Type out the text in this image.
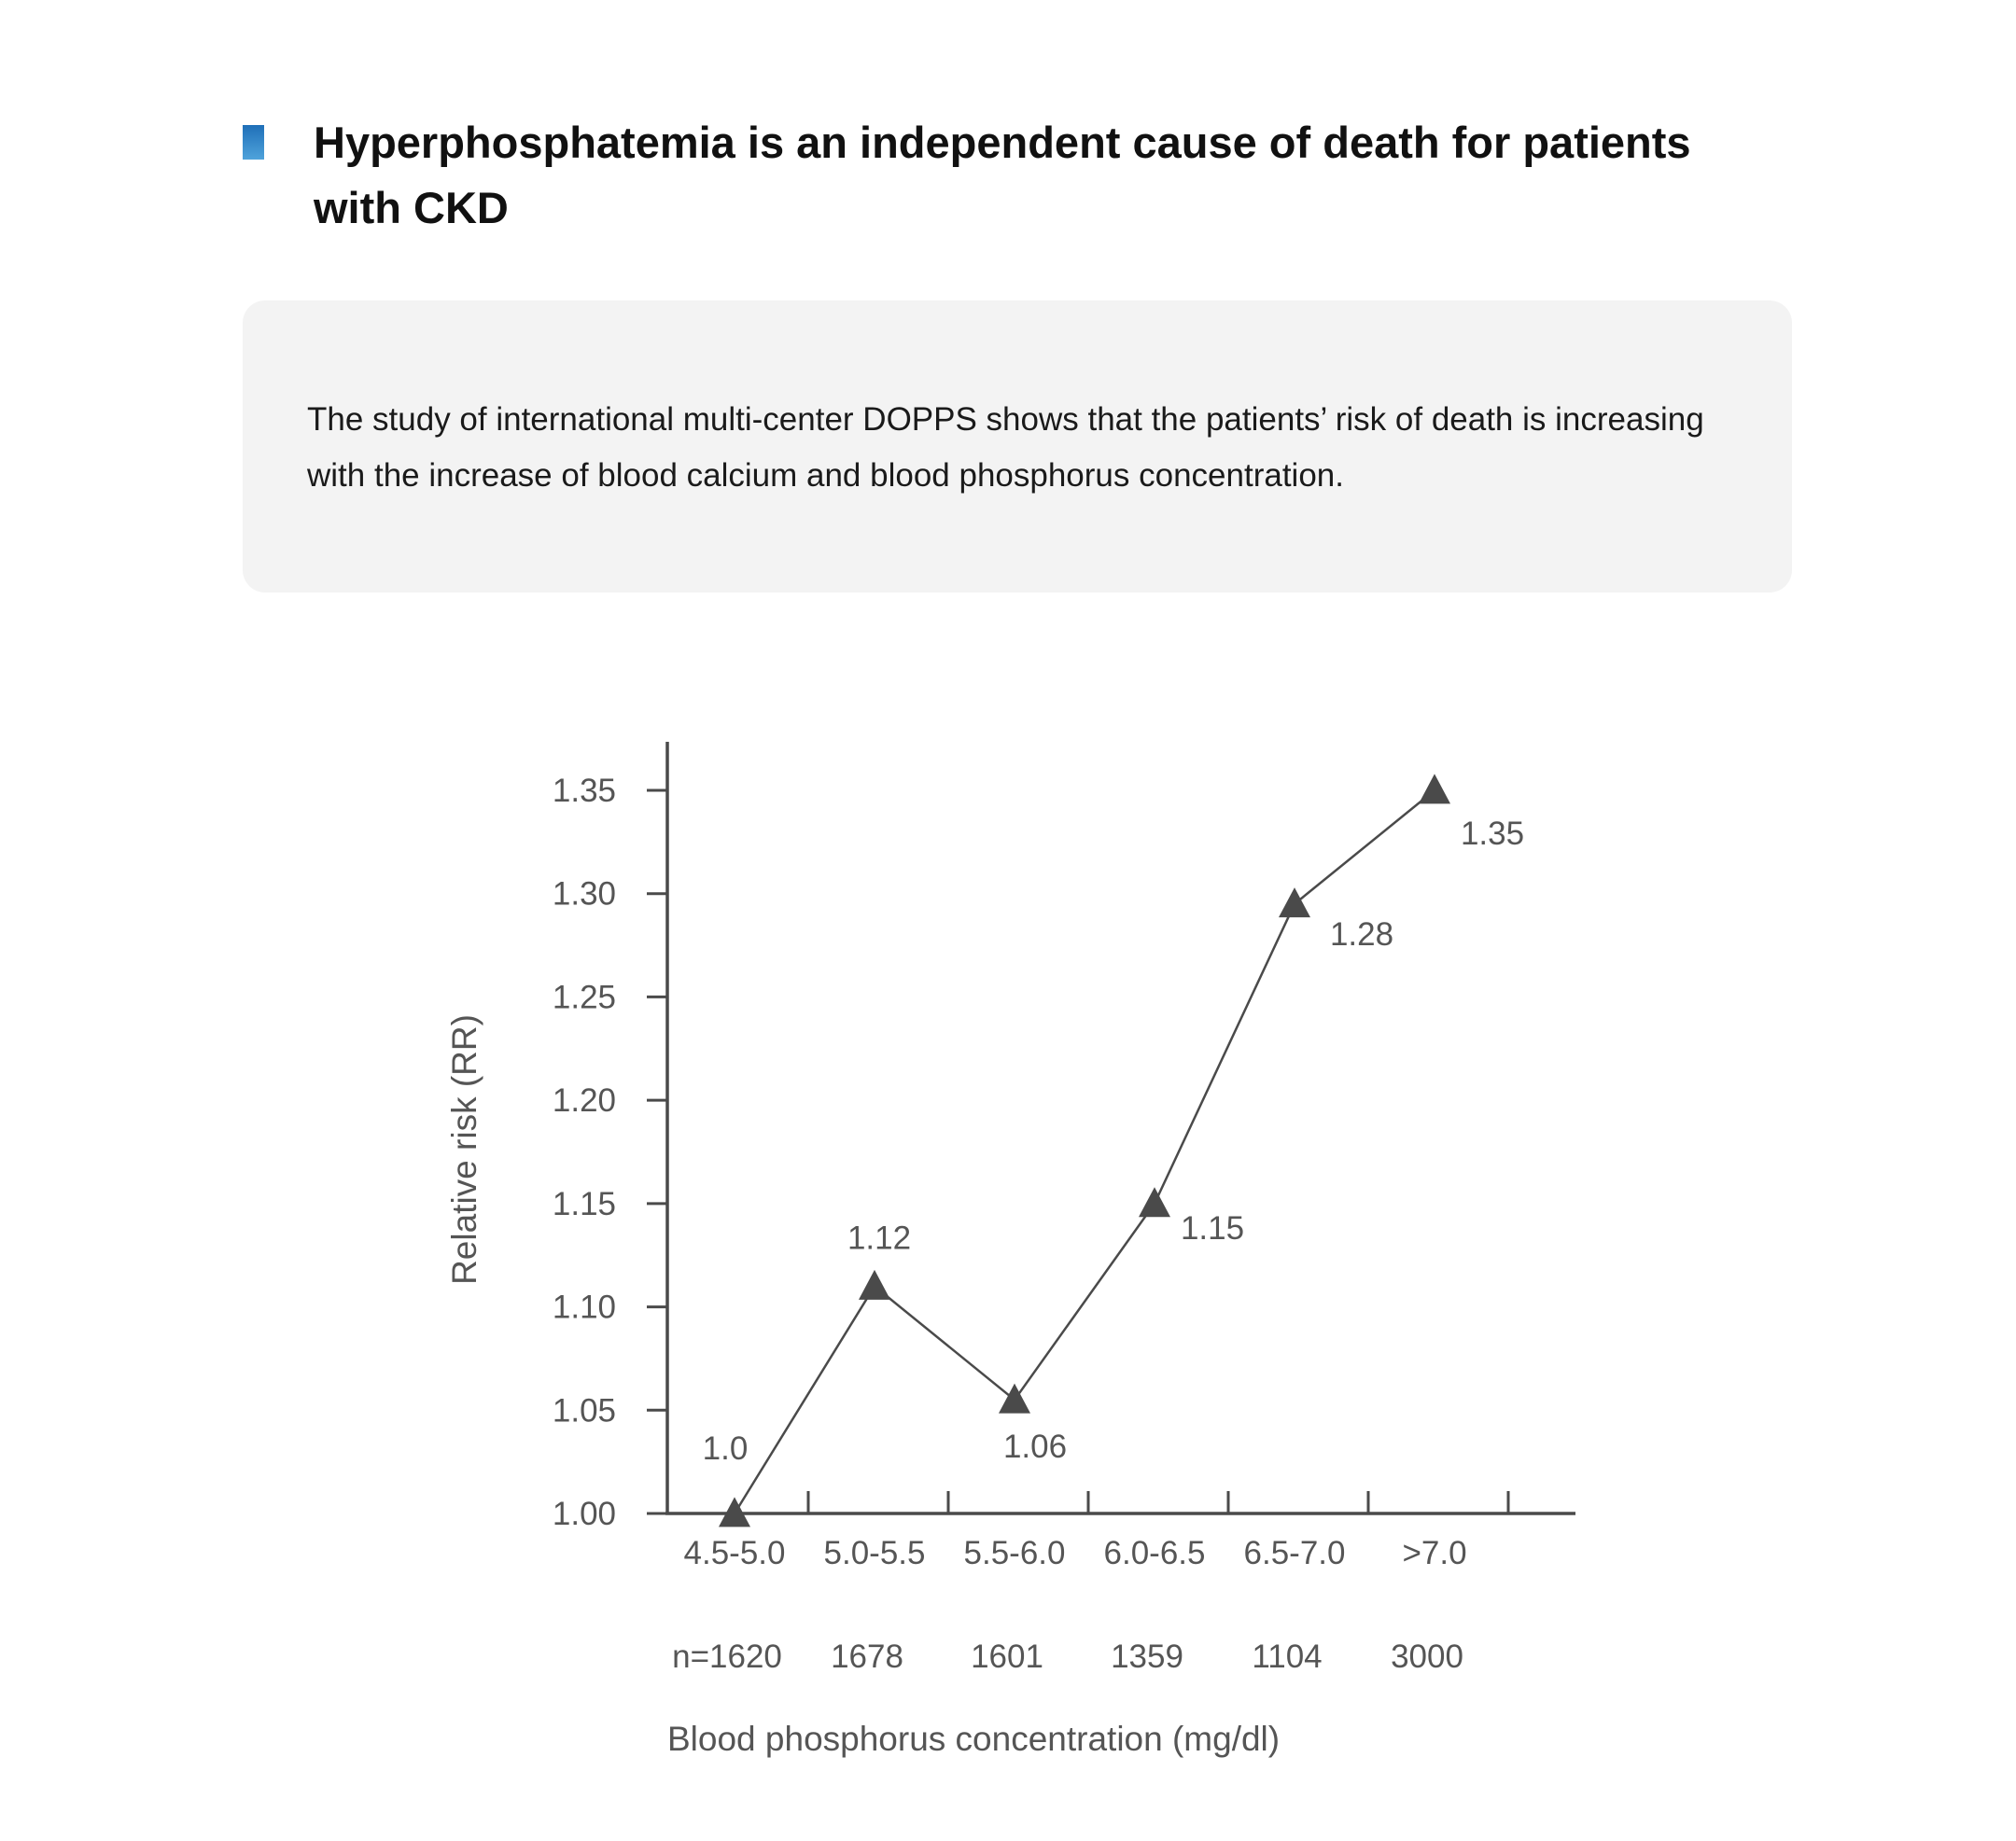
Hyperphosphatemia is an independent cause of death for patients with CKD

The study of international multi-center DOPPS shows that the patients’ risk of death is increasing with the increase of blood calcium and blood phosphorus concentration.

1.00
1.05
1.10
1.15
1.20
1.25
1.30
1.35
4.5-5.0 5.0-5.5 5.5-6.0 6.0-6.5 6.5-7.0 >7.0
n=1620 1678 1601 1359 1104 3000
Blood phosphorus concentration (mg/dl)
Relative risk (RR)
1.0
1.12
1.06
1.15
1.28
1.35
